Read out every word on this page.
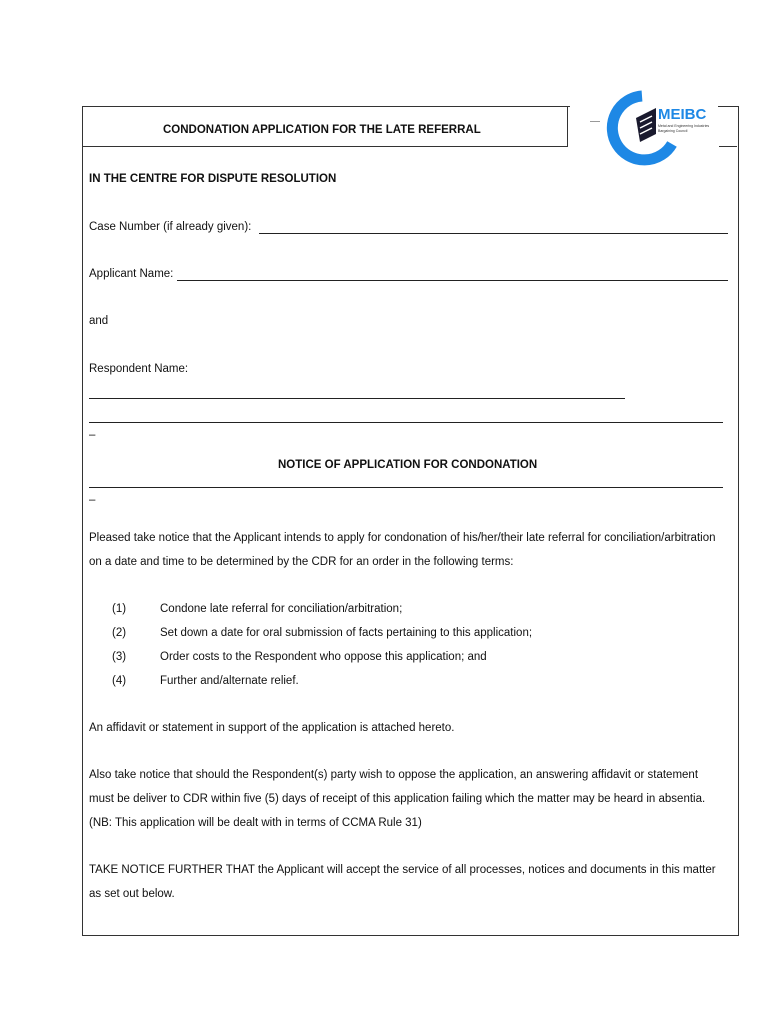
MEIBC
Metal and Engineering Industries
Bargaining Council
CONDONATION APPLICATION FOR THE LATE REFERRAL
IN THE CENTRE FOR DISPUTE RESOLUTION
Case Number (if already given):
Applicant Name:
and
Respondent Name:
–
NOTICE OF APPLICATION FOR CONDONATION
–
Pleased take notice that the Applicant intends to apply for condonation of his/her/their late referral for conciliation/arbitration
on a date and time to be determined by the CDR for an order in the following terms:
(1)	Condone late referral for conciliation/arbitration;
(2)	Set down a date for oral submission of facts pertaining to this application;
(3)	Order costs to the Respondent who oppose this application; and
(4)	Further and/alternate relief.
An affidavit or statement in support of the application is attached hereto.
Also take notice that should the Respondent(s) party wish to oppose the application, an answering affidavit or statement
must be deliver to CDR within five (5) days of receipt of this application failing which the matter may be heard in absentia.
(NB: This application will be dealt with in terms of CCMA Rule 31)
TAKE NOTICE FURTHER THAT the Applicant will accept the service of all processes, notices and documents in this matter
as set out below.
